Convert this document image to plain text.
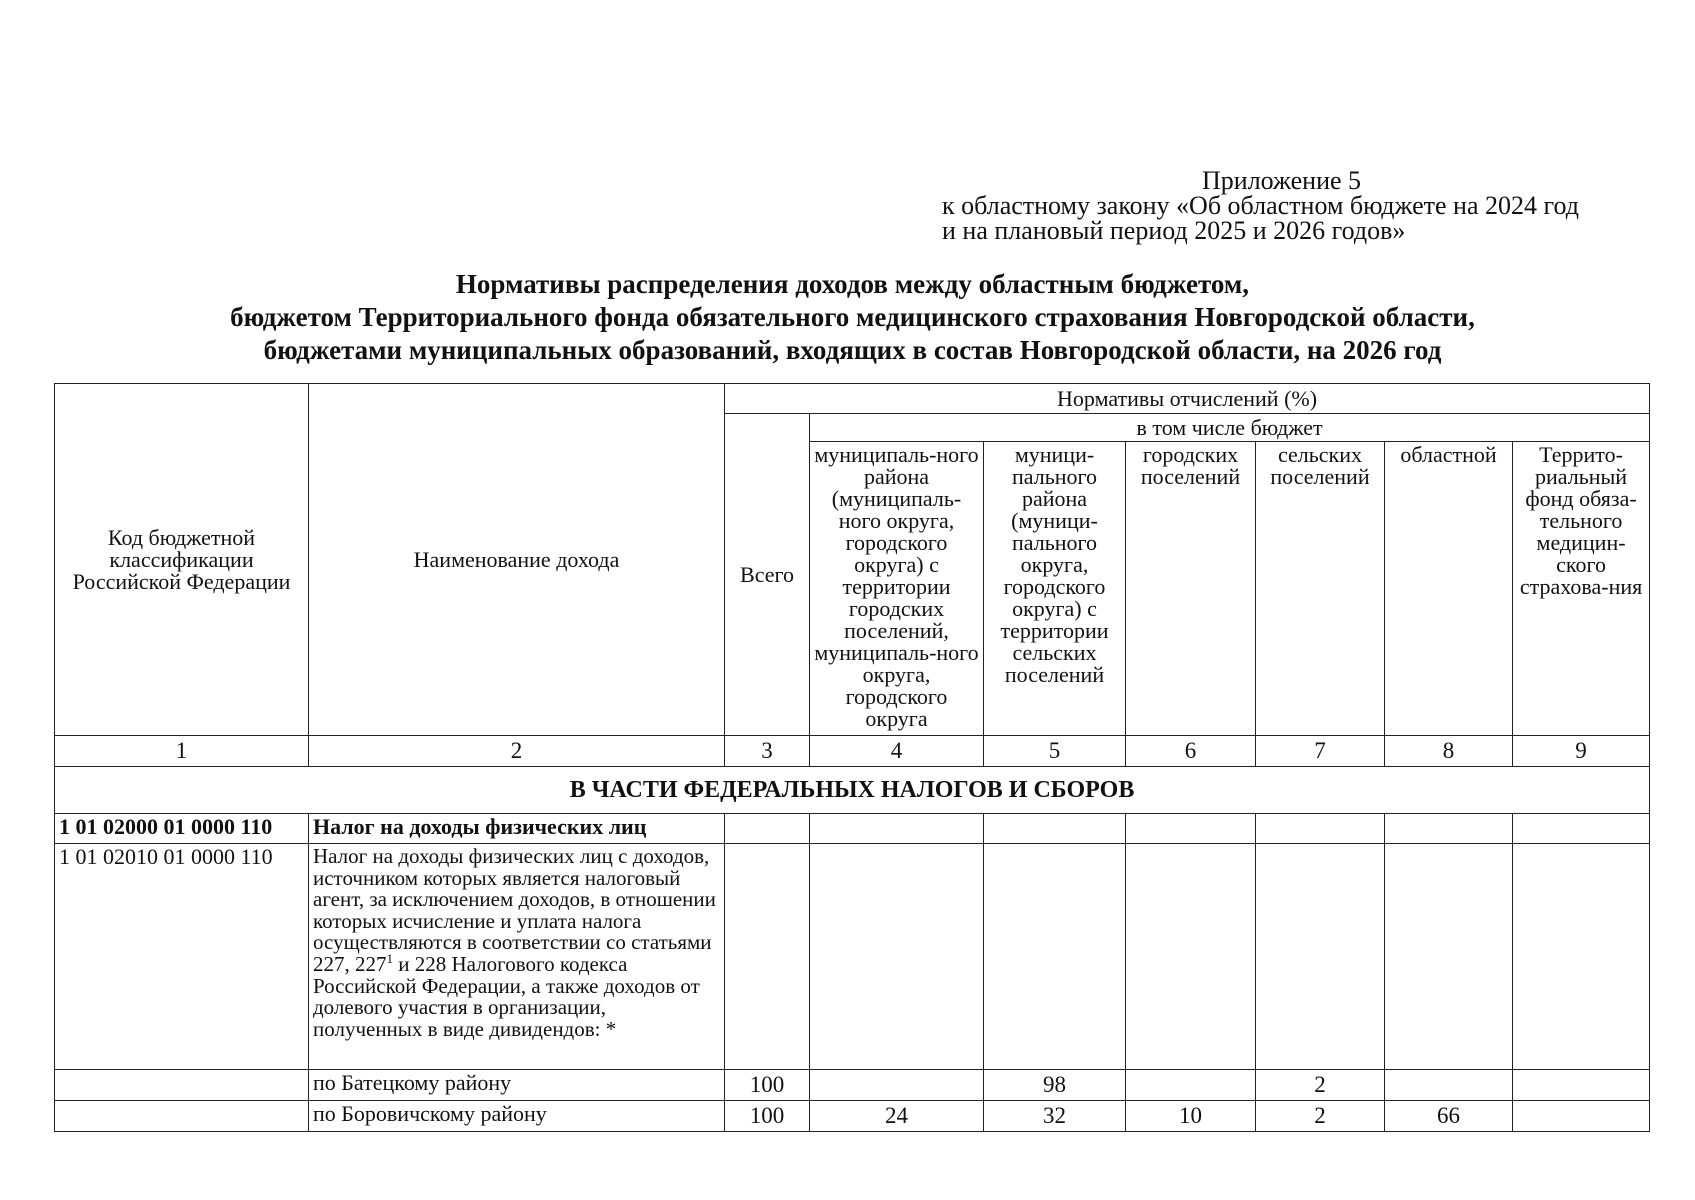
Приложение 5
к областному закону «Об областном бюджете на 2024 год
и на плановый период 2025 и 2026 годов»
Нормативы распределения доходов между областным бюджетом,
бюджетом Территориального фонда обязательного медицинского страхования Новгородской области,
бюджетами муниципальных образований, входящих в состав Новгородской области, на 2026 год
Код бюджетной классификации Российской Федерации	Наименование дохода	Нормативы отчислений (%)						
		Всего	в том числе бюджет					
			муниципаль-ного района (муниципаль-ного округа, городского округа) с территории городских поселений, муниципаль-ного округа, городского округа	муници-пального района (муници-пального округа, городского округа) с территории сельских поселений	городских поселений	сельских поселений	областной	Террито-риальный фонд обяза-тельного медицин-ского страхова-ния
1	2	3	4	5	6	7	8	9
В ЧАСТИ ФЕДЕРАЛЬНЫХ НАЛОГОВ И СБОРОВ								
1 01 02000 01 0000 110	Налог на доходы физических лиц							
1 01 02010 01 0000 110	Налог на доходы физических лиц с доходов, источником которых является налоговый агент, за исключением доходов, в отношении которых исчисление и уплата налога осуществляются в соответствии со статьями 227, $227^1$ и 228 Налогового кодекса Российской Федерации, а также доходов от долевого участия в организации, полученных в виде дивидендов: *							
	по Батецкому району	100		98		2		
	по Боровичскому району	100	24	32	10	2	66	
